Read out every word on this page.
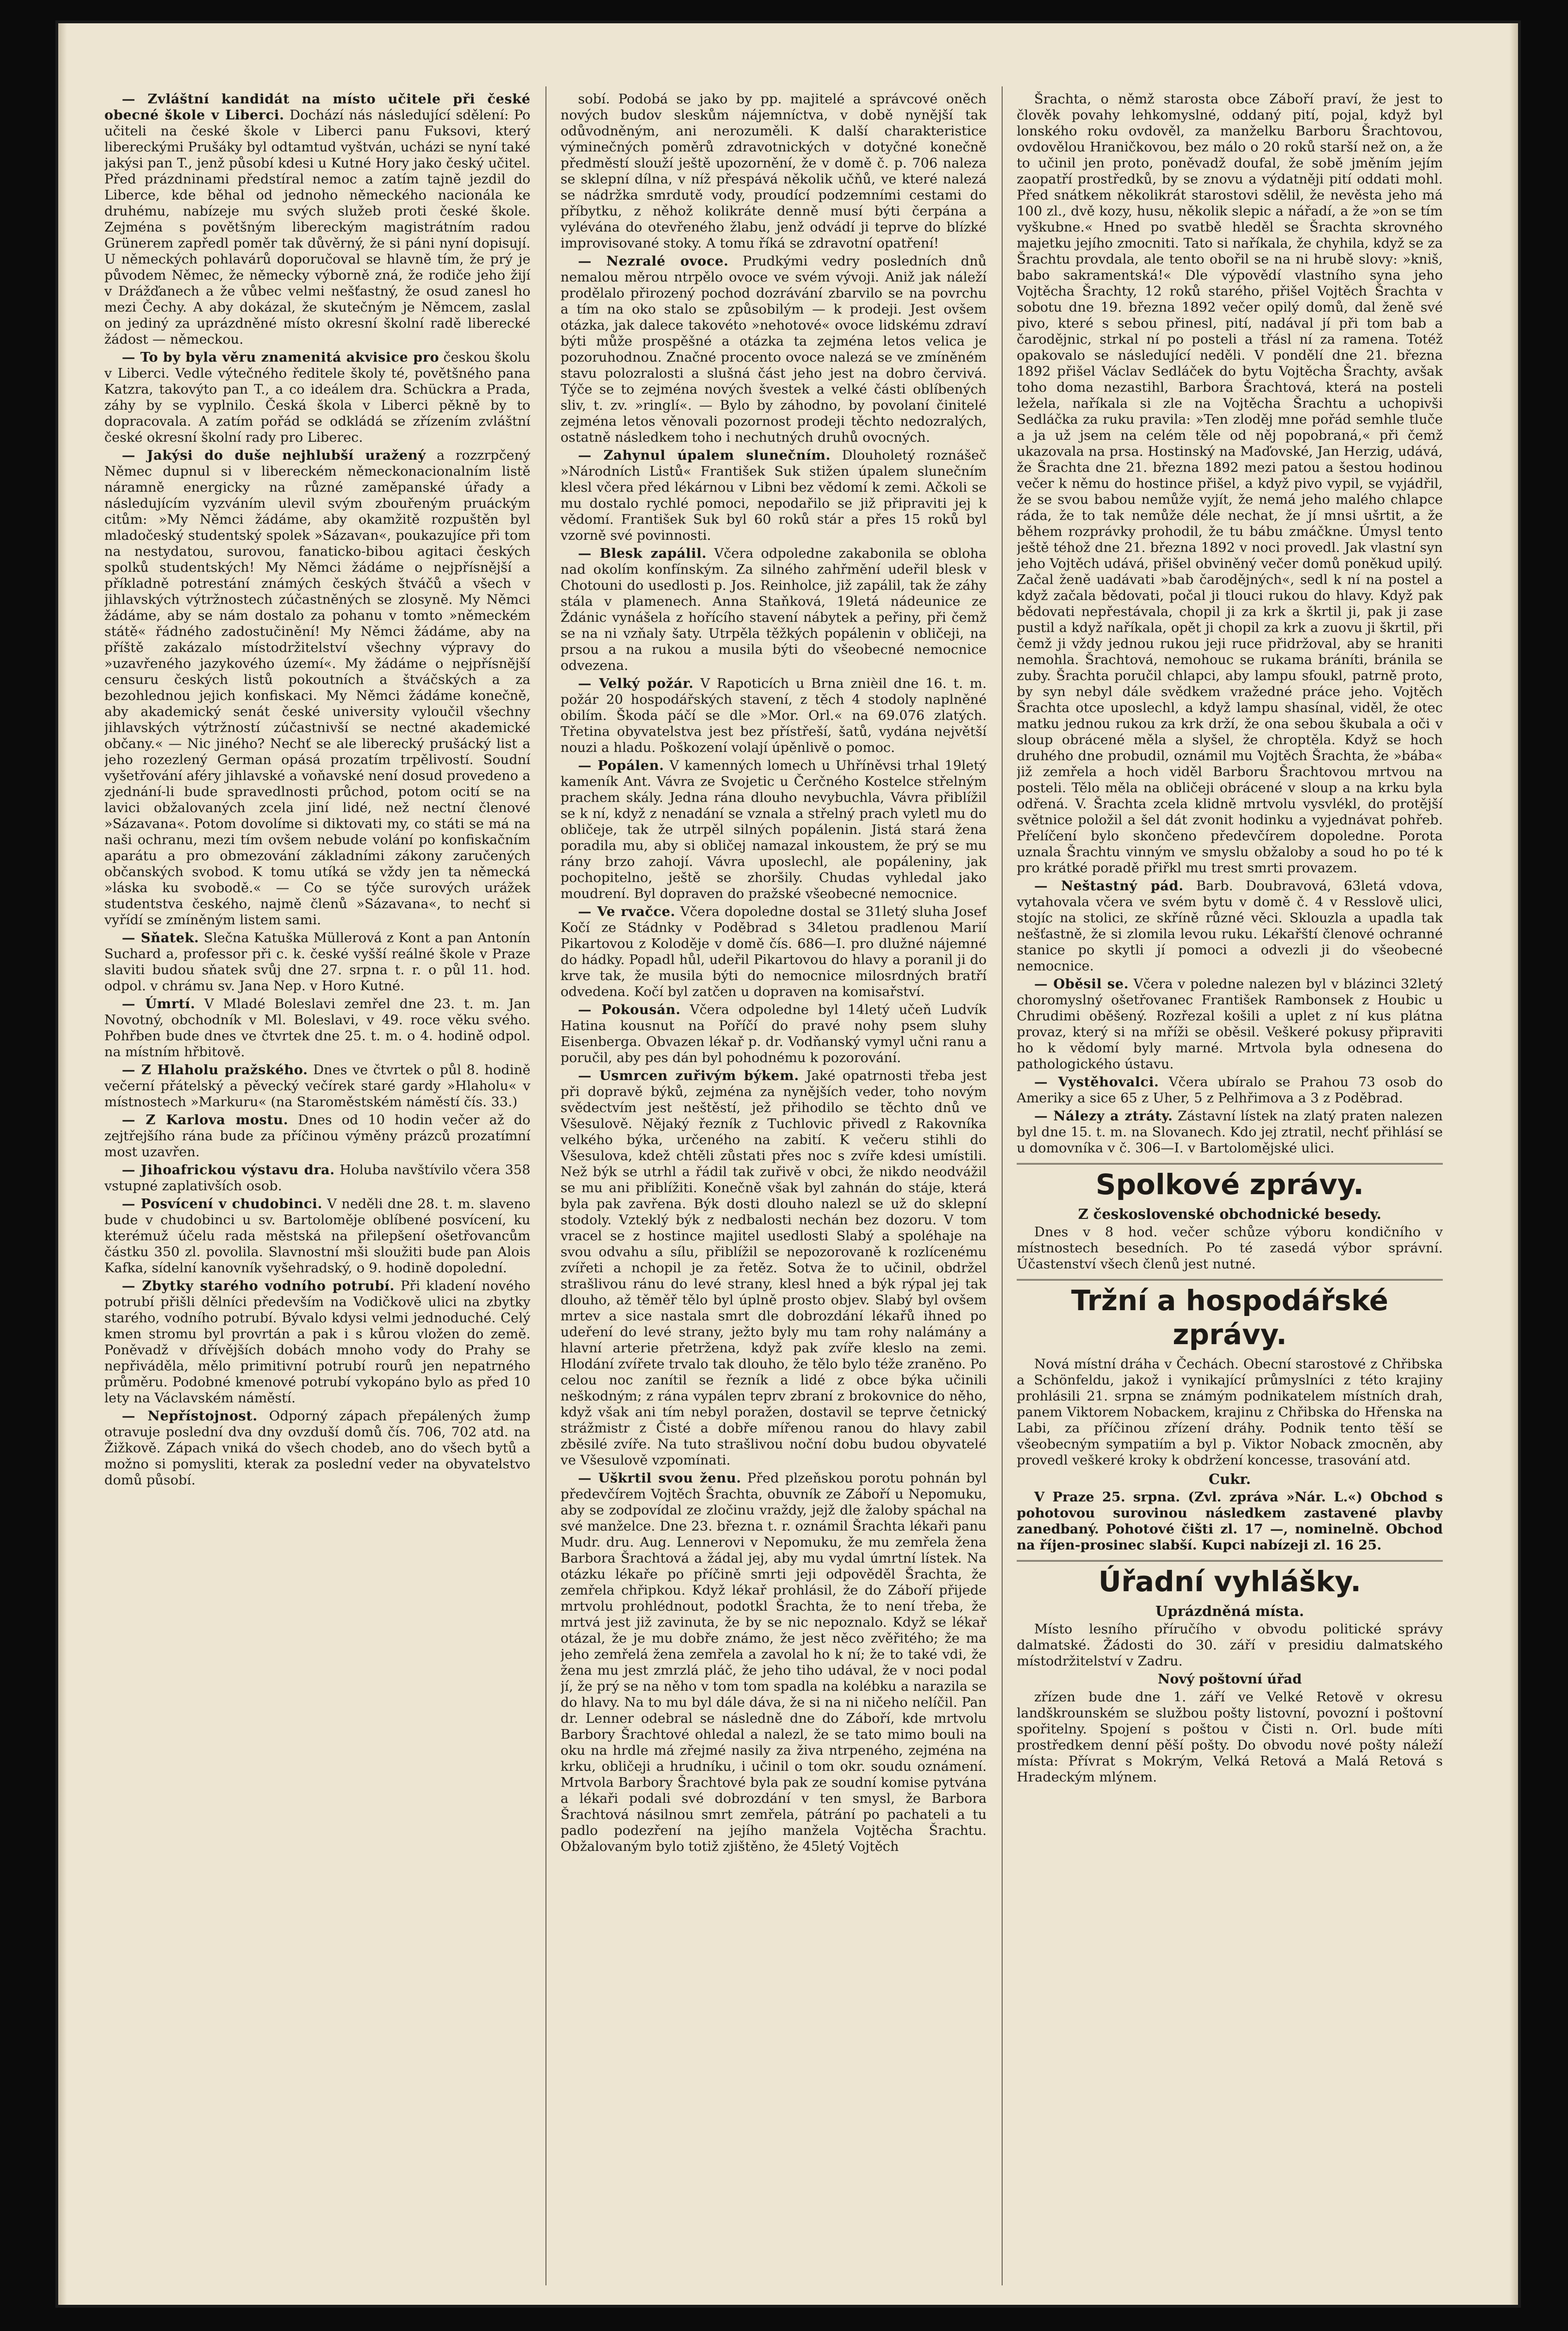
— Zvláštní kandidát na místo učitele při české obecné škole v Liberci. Dochází nás následující sdělení: Po učiteli na české škole v Liberci panu Fuksovi, který libereckými Prušáky byl odtamtud vyštván, ucházi se nyní také jakýsi pan T., jenž působí kdesi u Kutné Hory jako český učitel. Před prázdninami předstíral nemoc a zatím tajně jezdil do Liberce, kde běhal od jednoho německého nacionála ke druhému, nabízeje mu svých služeb proti české škole. Zejména s povětšným libereckým magistrátním radou Grünerem zapředl poměr tak důvěrný, že si páni nyní dopisují. U německých pohlavárů doporučoval se hlavně tím, že prý je původem Němec, že německy výborně zná, že rodiče jeho žijí v Drážďanech a že vůbec velmi nešťastný, že osud zanesl ho mezi Čechy. A aby dokázal, že skutečným je Němcem, zaslal on jediný za uprázdněné místo okresní školní radě liberecké žádost — německou.

— To by byla věru znamenitá akvisice pro českou školu v Liberci. Vedle výtečného ředitele školy té, povětšného pana Katzra, takovýto pan T., a co ideálem dra. Schückra a Prada, záhy by se vyplnilo. Česká škola v Liberci pěkně by to dopracovala. A zatím pořád se odkládá se zřízením zvláštní české okresní školní rady pro Liberec.

— Jakýsi do duše nejhlubší uražený a rozzrpčený Němec dupnul si v libereckém německonacionalním listě náramně energicky na různé zaměpanské úřady a následujícím vyzváním ulevil svým zbouřeným pruáckým citům: »My Němci žádáme, aby okamžitě rozpuštěn byl mladočeský studentský spolek »Sázavan«, poukazujíce při tom na nestydatou, surovou, fanaticko-bibou agitaci českých spolků studentských! My Němci žádáme o nejpřísnější a příkladně potrestání známých českých štváčů a všech v jihlavských výtržnostech zúčastněných se zlosyně. My Němci žádáme, aby se nám dostalo za pohanu v tomto »německém státě« řádného zadostučinění! My Němci žádáme, aby na příště zakázalo místodržitelství všechny výpravy do »uzavřeného jazykového území«. My žádáme o nejpřísnější censuru českých listů pokoutních a štváčských a za bezohlednou jejich konfiskaci. My Němci žádáme konečně, aby akademický senát české university vyloučil všechny jihlavských výtržností zúčastnivší se nectné akademické občany.« — Nic jiného? Nechť se ale liberecký prušácký list a jeho rozezlený German opásá prozatím trpělivostí. Soudní vyšetřování aféry jihlavské a voňavské není dosud provedeno a zjednání-li bude spravedlnosti průchod, potom ocití se na lavici obžalovaných zcela jiní lidé, než nectní členové »Sázavana«. Potom dovolíme si diktovati my, co státi se má na naši ochranu, mezi tím ovšem nebude volání po konfiskačním aparátu a pro obmezování základními zákony zaručených občanských svobod. K tomu utíká se vždy jen ta německá »láska ku svobodě.« — Co se týče surových urážek studentstva českého, najmě členů »Sázavana«, to nechť si vyřídí se zmíněným listem sami.

— Sňatek. Slečna Katuška Müllerová z Kont a pan Antonín Suchard a, professor při c. k. české vyšší reálné škole v Praze slaviti budou sňatek svůj dne 27. srpna t. r. o půl 11. hod. odpol. v chrámu sv. Jana Nep. v Horo Kutné.

— Úmrtí. V Mladé Boleslavi zemřel dne 23. t. m. Jan Novotný, obchodník v Ml. Boleslavi, v 49. roce věku svého. Pohřben bude dnes ve čtvrtek dne 25. t. m. o 4. hodině odpol. na místním hřbitově.

— Z Hlaholu pražského. Dnes ve čtvrtek o půl 8. hodině večerní přátelský a pěvecký večírek staré gardy »Hlaholu« v místnostech »Markuru« (na Staroměstském náměstí čís. 33.)

— Z Karlova mostu. Dnes od 10 hodin večer až do zejtřejšího rána bude za příčinou výměny prázců prozatímní most uzavřen.

— Jihoafrickou výstavu dra. Holuba navštívilo včera 358 vstupné zaplativších osob.

— Posvícení v chudobinci. V neděli dne 28. t. m. slaveno bude v chudobinci u sv. Bartoloměje oblíbené posvícení, ku kterémuž účelu rada městská na přilepšení ošetřovancům částku 350 zl. povolila. Slavnostní mši sloužiti bude pan Alois Kafka, sídelní kanovník vyšehradský, o 9. hodině dopolední.

— Zbytky starého vodního potrubí. Při kladení nového potrubí přišli dělníci především na Vodičkově ulici na zbytky starého, vodního potrubí. Bývalo kdysi velmi jednoduché. Celý kmen stromu byl provrtán a pak i s kůrou vložen do země. Poněvadž v dřívějších dobách mnoho vody do Prahy se nepřiváděla, mělo primitivní potrubí rourů jen nepatrného průměru. Podobné kmenové potrubí vykopáno bylo as před 10 lety na Václavském náměstí.

— Nepřístojnost. Odporný zápach přepálených žump otravuje poslední dva dny ovzduší domů čís. 706, 702 atd. na Žižkově. Zápach vniká do všech chodeb, ano do všech bytů a možno si pomysliti, kterak za poslední veder na obyvatelstvo domů působí.

sobí. Podobá se jako by pp. majitelé a správcové oněch nových budov sleskům nájemníctva, v době nynější tak odůvodněným, ani nerozuměli. K další charakteristice výminečných poměrů zdravotnických v dotyčné konečně předměstí slouží ještě upozornění, že v domě č. p. 706 naleza se sklepní dílna, v níž přespává několik učňů, ve které nalezá se nádržka smrdutě vody, proudící podzemními cestami do příbytku, z něhož kolikráte denně musí býti čerpána a vylévána do otevřeného žlabu, jenž odvádí ji teprve do blízké improvisované stoky. A tomu říká se zdravotní opatření!

— Nezralé ovoce. Prudkými vedry posledních dnů nemalou měrou ntrpělo ovoce ve svém vývoji. Aniž jak náleží prodělalo přirozený pochod dozrávání zbarvilo se na povrchu a tím na oko stalo se způsobilým — k prodeji. Jest ovšem otázka, jak dalece takovéto »nehotové« ovoce lidskému zdraví býti může prospěšné a otázka ta zejména letos velica je pozoruhodnou. Značné procento ovoce nalezá se ve zmíněném stavu polozralosti a slušná část jeho jest na dobro červivá. Týče se to zejména nových švestek a velké části oblíbených sliv, t. zv. »ringlí«. — Bylo by záhodno, by povolaní činitelé zejména letos věnovali pozornost prodeji těchto nedozralých, ostatně následkem toho i nechutných druhů ovocných.

— Zahynul úpalem slunečním. Dlouholetý roznášeč »Národních Listů« František Suk stižen úpalem slunečním klesl včera před lékárnou v Libni bez vědomí k zemi. Ačkoli se mu dostalo rychlé pomoci, nepodařilo se již připraviti jej k vědomí. František Suk byl 60 roků stár a přes 15 roků byl vzorně své povinnosti.

— Blesk zapálil. Včera odpoledne zakabonila se obloha nad okolím konfínským. Za silného zahřmění udeřil blesk v Chotouni do usedlosti p. Jos. Reinholce, již zapálil, tak že záhy stála v plamenech. Anna Staňková, 19letá nádeunice ze Ždánic vynášela z hořícího stavení nábytek a peřiny, při čemž se na ni vzňaly šaty. Utrpěla těžkých popálenin v obličeji, na prsou a na rukou a musila býti do všeobecné nemocnice odvezena.

— Velký požár. V Rapoticích u Brna znièil dne 16. t. m. požár 20 hospodářských stavení, z těch 4 stodoly naplněné obilím. Škoda páčí se dle »Mor. Orl.« na 69.076 zlatých. Třetina obyvatelstva jest bez přístřeší, šatů, vydána největší nouzi a hladu. Poškození volají úpěnlivě o pomoc.

— Popálen. V kamenných lomech u Uhříněvsi trhal 19letý kameník Ant. Vávra ze Svojetic u Čerčného Kostelce střelným prachem skály. Jedna rána dlouho nevybuchla, Vávra přiblížil se k ní, když z nenadání se vznala a střelný prach vyletl mu do obličeje, tak že utrpěl silných popálenin. Jistá stará žena poradila mu, aby si obličej namazal inkoustem, že prý se mu rány brzo zahojí. Vávra uposlechl, ale popáleniny, jak pochopitelno, ještě se zhoršily. Chudas vyhledal jako moudrení. Byl dopraven do pražské všeobecné nemocnice.

— Ve rvačce. Včera dopoledne dostal se 31letý sluha Josef Kočí ze Stádnky v Poděbrad s 34letou pradlenou Marií Pikartovou z Kolodějе v domě čís. 686—I. pro dlužné nájemné do hádky. Popadl hůl, udeřil Pikartovou do hlavy a poranil ji do krve tak, že musila býti do nemocnice milosrdných bratří odvedena. Kočí byl zatčen u dopraven na komisařství.

— Pokousán. Včera odpoledne byl 14letý učeň Ludvík Hatina kousnut na Poříčí do pravé nohy psem sluhy Eisenberga. Obvazen lékař p. dr. Vodňanský vymyl učni ranu a poručil, aby pes dán byl pohodnému k pozorování.

— Usmrcen zuřivým býkem. Jaké opatrnosti třeba jest při dopravě býků, zejména za nynějších veder, toho novým svědectvím jest neštěstí, jež přihodilo se těchto dnů ve Všesulově. Nějaký řezník z Tuchlovic přivedl z Rakovníka velkého býka, určeného na zabití. K večeru stihli do Všesulova, kdež chtěli zůstati přes noc s zvíře kdesi umístili. Než býk se utrhl a řádil tak zuřivě v obci, že nikdo neodvážil se mu ani přiblížiti. Konečně však byl zahnán do stáje, která byla pak zavřena. Býk dosti dlouho nalezl se už do sklepní stodoly. Vzteklý býk z nedbalosti nechán bez dozoru. V tom vracel se z hostince majitel usedlosti Slabý a spoléhaje na svou odvahu a sílu, přiblížil se nepozorovaně k rozlícenému zvířeti a nchopil je za řetěz. Sotva že to učinil, obdržel strašlivou ránu do levé strany, klesl hned a býk rýpal jej tak dlouho, až těměř tělo byl úplně prosto objev. Slabý byl ovšem mrtev a sice nastala smrt dle dobrozdání lékařů ihned po udeření do levé strany, ježto byly mu tam rohy nalámány a hlavní arterie přetržena, když pak zvíře kleslo na zemi. Hlodání zvířete trvalo tak dlouho, že tělo bylo téže zraněno. Po celou noc zanítil se řezník a lidé z obce býka učinili neškodným; z rána vypálen teprv zbraní z brokovnice do něho, když však ani tím nebyl poražen, dostavil se teprve četnický strážmistr z Čisté a dobře mířenou ranou do hlavy zabil zběsilé zvíře. Na tuto strašlivou noční dobu budou obyvatelé ve Všesulově vzpomínati.

— Uškrtil svou ženu. Před plzeňskou porotu pohnán byl předevčírem Vojtěch Šrachta, obuvník ze Záboří u Nepomuku, aby se zodpovídal ze zločinu vraždy, jejž dle žaloby spáchal na své manželce. Dne 23. března t. r. oznámil Šrachta lékaři panu Mudr. dru. Aug. Lennerovi v Nepomuku, že mu zemřela žena Barbora Šrachtová a žádal jej, aby mu vydal úmrtní lístek. Na otázku lékaře po příčině smrti jeji odpověděl Šrachta, že zemřela chřipkou. Když lékař prohlásil, že do Záboří přijede mrtvolu prohlédnout, podotkl Šrachta, že to není třeba, že mrtvá jest již zavinuta, že by se nic nepoznalo. Když se lékař otázal, že je mu dobře známo, že jest něco zvěřitého; že ma jeho zemřelá žena zemřela a zavolal ho k ní; že to také vdi, že žena mu jest zmrzlá pláč, že jeho tiho udával, že v noci podal jí, že prý se na něho v tom tom spadla na kolébku a narazila se do hlavy. Na to mu byl dále dáva, že si na ni ničeho nelíčil. Pan dr. Lenner odebral se následně dne do Záboří, kde mrtvolu Barbory Šrachtové ohledal a nalezl, že se tato mimo bouli na oku na hrdle má zřejmé nasily za živa ntrpeného, zejména na krku, obličeji a hrudníku, i učinil o tom okr. soudu oznámení. Mrtvola Barbory Šrachtové byla pak ze soudní komise pytvána a lékaři podali své dobrozdání v ten smysl, že Barbora Šrachtová násilnou smrt zemřela, pátrání po pachateli a tu padlo podezření na jejího manžela Vojtěcha Šrachtu. Obžalovaným bylo totiž zjištěno, že 45letý Vojtěch

Šrachta, o němž starosta obce Záboří praví, že jest to člověk povahy lehkomyslné, oddaný pití, pojal, když byl lonského roku ovdověl, za manželku Barboru Šrachtovou, ovdovělou Hraničkovou, bez málo o 20 roků starší než on, a že to učinil jen proto, poněvadž doufal, že sobě jměním jejím zaopatří prostředků, by se znovu a výdatněji pití oddati mohl. Před snátkem několikrát starostovi sdělil, že nevěsta jeho má 100 zl., dvě kozy, husu, několik slepic a nářadí, a že »on se tím vyškubne.« Hned po svatbě hleděl se Šrachta skrovného majetku jejího zmocniti. Tato si naříkala, že chyhila, když se za Šrachtu provdala, ale tento obořil se na ni hrubě slovy: »kniš, babo sakramentská!« Dle výpovědí vlastního syna jeho Vojtěcha Šrachty, 12 roků starého, přišel Vojtěch Šrachta v sobotu dne 19. března 1892 večer opilý domů, dal ženě své pivo, které s sebou přinesl, pití, nadával jí při tom bab a čarodějnic, strkal ní po posteli a třásl ní za ramena. Totéž opakovalo se následující neděli. V pondělí dne 21. března 1892 přišel Václav Sedláček do bytu Vojtěcha Šrachty, avšak toho doma nezastihl, Barbora Šrachtová, která na posteli ležela, naříkala si zle na Vojtěcha Šrachtu a uchopivši Sedláčka za ruku pravila: »Ten zloděj mne pořád semhle tluče a ja už jsem na celém těle od něj popobraná,« při čemž ukazovala na prsa. Hostinský na Maďovské, Jan Herzig, udává, že Šrachta dne 21. března 1892 mezi patou a šestou hodinou večer k němu do hostince přišel, a když pivo vypil, se vyjádřil, že se svou babou nemůže vyjít, že nemá jeho malého chlapce ráda, že to tak nemůže déle nechat, že jí mnsi ušrtit, a že během rozprávky prohodil, že tu bábu zmáčkne. Úmysl tento ještě téhož dne 21. března 1892 v noci provedl. Jak vlastní syn jeho Vojtěch udává, přišel obviněný večer domů poněkud upilý. Začal ženě uadávati »bab čarodějných«, sedl k ní na postel a když začala bědovati, počal ji tlouci rukou do hlavy. Když pak bědovati nepřestávala, chopil ji za krk a škrtil ji, pak ji zase pustil a když naříkala, opět ji chopil za krk a zuovu ji škrtil, při čemž ji vždy jednou rukou jeji ruce přidržoval, aby se hraniti nemohla. Šrachtová, nemohouc se rukama bráníti, bránila se zuby. Šrachta poručil chlapci, aby lampu sfoukl, patrně proto, by syn nebyl dále svědkem vražedné práce jeho. Vojtěch Šrachta otce uposlechl, a když lampu shasínal, viděl, že otec matku jednou rukou za krk drží, že ona sebou škubala a oči v sloup obrácené měla a slyšel, že chroptěla. Když se hoch druhého dne probudil, oznámil mu Vojtěch Šrachta, že »bába« již zemřela a hoch viděl Barboru Šrachtovou mrtvou na posteli. Tělo měla na obličeji obrácené v sloup a na krku byla odřená. V. Šrachta zcela klidně mrtvolu vysvlékl, do protější světnice položil a šel dát zvonit hodinku a vyjednávat pohřeb. Přelíčení bylo skončeno předevčírem dopoledne. Porota uznala Šrachtu vinným ve smyslu obžaloby a soud ho po té k pro krátké poradě přiřkl mu trest smrti provazem.

— Neštastný pád. Barb. Doubravová, 63letá vdova, vytahovala včera ve svém bytu v domě č. 4 v Resslově ulici, stojíc na stolici, ze skříně různé věci. Sklouzla a upadla tak nešťastně, že si zlomila levou ruku. Lékařští členové ochranné stanice po skytli jí pomoci a odvezli ji do všeobecné nemocnice.

— Oběsil se. Včera v poledne nalezen byl v blázinci 32letý choromyslný ošetřovanec František Rambonsek z Houbic u Chrudimi oběšený. Rozřezal košili a uplet z ní kus plátna provaz, který si na mříži se oběsil. Veškeré pokusy připraviti ho k vědomí byly marné. Mrtvola byla odnesena do pathologického ústavu.

— Vystěhovalci. Včera ubíralo se Prahou 73 osob do Ameriky a sice 65 z Uher, 5 z Pelhřimova a 3 z Poděbrad.

— Nálezy a ztráty. Zástavní lístek na zlatý praten nalezen byl dne 15. t. m. na Slovanech. Kdo jej ztratil, nechť přihlásí se u domovníka v č. 306—I. v Bartolomějské ulici.

Spolkové zprávy.
Z československé obchodnické besedy.

Dnes v 8 hod. večer schůze výboru kondičního v místnostech besedních. Po té zasedá výbor správní. Účastenství všech členů jest nutné.

Tržní a hospodářské zprávy.

Nová místní dráha v Čechách. Obecní starostové z Chřibska a Schönfeldu, jakož i vynikající průmyslníci z této krajiny prohlásili 21. srpna se známým podnikatelem místních drah, panem Viktorem Nobackem, krajinu z Chřibska do Hřenska na Labi, za příčinou zřízení dráhy. Podnik tento těší se všeobecným sympatiím a byl p. Viktor Noback zmocněn, aby provedl veškeré kroky k obdržení koncesse, trasování atd.

Cukr.

V Praze 25. srpna. (Zvl. zpráva »Nár. L.«) Obchod s pohotovou surovinou následkem zastavené plavby zanedbaný. Pohotové čišti zl. 17 —, nominelně. Obchod na říjen-prosinec slabší. Kupci nabízeji zl. 16 25.

Úřadní vyhlášky.
Uprázdněná místa.

Místo lesního příručího v obvodu politické správy dalmatské. Žádosti do 30. září v presidiu dalmatského místodržitelství v Zadru.

Nový poštovní úřad

zřízen bude dne 1. září ve Velké Retově v okresu landškrounském se službou pošty listovní, povozní i poštovní spořitelny. Spojení s poštou v Čisti n. Orl. bude míti prostředkem denní pěší pošty. Do obvodu nové pošty náleží místa: Přívrat s Mokrým, Velká Retová a Malá Retová s Hradeckým mlýnem.
